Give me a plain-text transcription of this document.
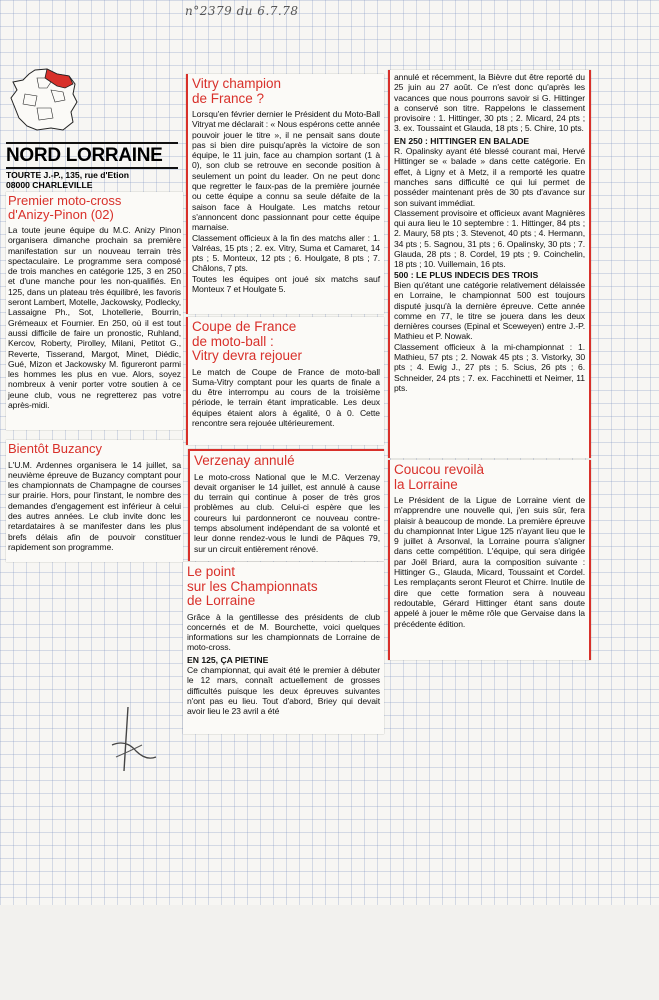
n°2379 du 6.7.78
NORD LORRAINE
TOURTE J.-P., 135, rue d'Etion
08000 CHARLEVILLE
Premier moto-cross
d'Anizy-Pinon (02)

La toute jeune équipe du M.C. Anizy Pinon organisera dimanche prochain sa première manifestation sur un nouveau terrain très spectaculaire. Le programme sera composé de trois manches en catégorie 125, 3 en 250 et d'une manche pour les non-qualifiés. En 125, dans un plateau très équilibré, les favoris seront Lambert, Motelle, Jackowsky, Podlecky, Lassaigne Ph., Sot, Lhotellerie, Bourrin, Grémeaux et Fournier. En 250, où il est tout aussi difficile de faire un pronostic, Ruhland, Kercov, Roberty, Pirolley, Milani, Petitot G., Reverte, Tisserand, Margot, Minet, Diédic, Gué, Mizon et Jackowsky M. figureront parmi les hommes les plus en vue. Alors, soyez nombreux à venir porter votre soutien à ce jeune club, vous ne regretterez pas votre après-midi.

Bientôt Buzancy

L'U.M. Ardennes organisera le 14 juillet, sa neuvième épreuve de Buzancy comptant pour les championnats de Champagne de courses sur prairie. Hors, pour l'instant, le nombre des demandes d'engagement est inférieur à celui des autres années. Le club invite donc les retardataires à se manifester dans les plus brefs délais afin de pouvoir constituer rapidement son programme.

Vitry champion
de France ?

Lorsqu'en février dernier le Président du Moto-Ball Vitryat me déclarait : « Nous espérons cette année pouvoir jouer le titre », il ne pensait sans doute pas si bien dire puisqu'après la victoire de son équipe, le 11 juin, face au champion sortant (1 à 0), son club se retrouve en seconde position à seulement un point du leader. On ne peut donc que regretter le faux-pas de la première journée ou cette équipe a connu sa seule défaite de la saison face à Houlgate. Les matchs retour s'annoncent donc passionnant pour cette équipe marnaise.

Classement officieux à la fin des matchs aller : 1. Valréas, 15 pts ; 2. ex. Vitry, Suma et Camaret, 14 pts ; 5. Monteux, 12 pts ; 6. Houlgate, 8 pts ; 7. Châlons, 7 pts.

Toutes les équipes ont joué six matchs sauf Monteux 7 et Houlgate 5.

Coupe de France
de moto-ball :
Vitry devra rejouer

Le match de Coupe de France de moto-ball Suma-Vitry comptant pour les quarts de finale a du être interrompu au cours de la troisième période, le terrain étant impraticable. Les deux équipes étaient alors à égalité, 0 à 0. Cette rencontre sera rejouée ultérieurement.

Verzenay annulé

Le moto-cross National que le M.C. Verzenay devait organiser le 14 juillet, est annulé à cause du terrain qui continue à poser de très gros problèmes au club. Celui-ci espère que les coureurs lui pardonneront ce nouveau contre-temps absolument indépendant de sa volonté et leur donne rendez-vous le lundi de Pâques 79, sur un circuit entièrement rénové.

Le point
sur les Championnats
de Lorraine

Grâce à la gentillesse des présidents de club concernés et de M. Bourchette, voici quelques informations sur les championnats de Lorraine de moto-cross.

EN 125, ÇA PIETINE

Ce championnat, qui avait été le premier à débuter le 12 mars, connaît actuellement de grosses difficultés puisque les deux épreuves suivantes n'ont pas eu lieu. Tout d'abord, Briey qui devait avoir lieu le 23 avril a été

annulé et récemment, la Bièvre dut être reporté du 25 juin au 27 août. Ce n'est donc qu'après les vacances que nous pourrons savoir si G. Hittinger a conservé son titre. Rappelons le classement provisoire : 1. Hittinger, 30 pts ; 2. Micard, 24 pts ; 3. ex. Toussaint et Glauda, 18 pts ; 5. Chire, 10 pts.

EN 250 : HITTINGER EN BALADE

R. Opalinsky ayant été blessé courant mai, Hervé Hittinger se « balade » dans cette catégorie. En effet, à Ligny et à Metz, il a remporté les quatre manches sans difficulté ce qui lui permet de posséder maintenant près de 30 pts d'avance sur son suivant immédiat.

Classement provisoire et officieux avant Magnières qui aura lieu le 10 septembre : 1. Hittinger, 84 pts ; 2. Maury, 58 pts ; 3. Stevenot, 40 pts ; 4. Hermann, 34 pts ; 5. Sagnou, 31 pts ; 6. Opalinsky, 30 pts ; 7. Glauda, 28 pts ; 8. Cordel, 19 pts ; 9. Coinchelin, 18 pts ; 10. Vuillemain, 16 pts.

500 : LE PLUS INDECIS DES TROIS

Bien qu'étant une catégorie relativement délaissée en Lorraine, le championnat 500 est toujours disputé jusqu'à la dernière épreuve. Cette année comme en 77, le titre se jouera dans les deux dernières courses (Epinal et Sceweyen) entre J.-P. Mathieu et P. Nowak.

Classement officieux à la mi-championnat : 1. Mathieu, 57 pts ; 2. Nowak 45 pts ; 3. Vistorky, 30 pts ; 4. Ewig J., 27 pts ; 5. Scius, 26 pts ; 6. Schneider, 24 pts ; 7. ex. Facchinetti et Neimer, 11 pts.

Coucou revoilà
la Lorraine

Le Président de la Ligue de Lorraine vient de m'apprendre une nouvelle qui, j'en suis sûr, fera plaisir à beaucoup de monde. La première épreuve du championnat Inter Ligue 125 n'ayant lieu que le 9 juillet à Arsonval, la Lorraine pourra s'aligner dans cette compétition. L'équipe, qui sera dirigée par Joël Briard, aura la composition suivante : Hittinger G., Glauda, Micard, Toussaint et Cordel. Les remplaçants seront Fleurot et Chirre. Inutile de dire que cette formation sera à nouveau redoutable, Gérard Hittinger étant sans doute appelé à jouer le même rôle que Gervaise dans la précédente édition.
